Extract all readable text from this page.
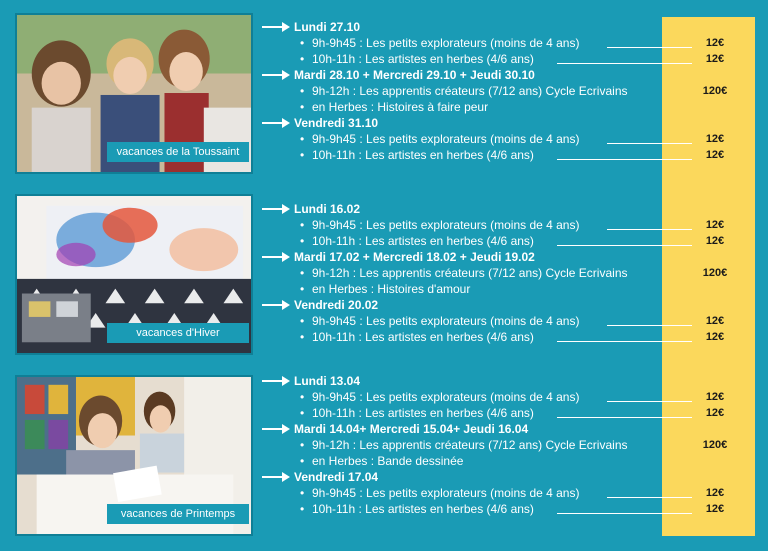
vacances de la Toussaint
vacances d'Hiver
vacances de Printemps
Lundi 27.10
• 9h-9h45 : Les petits explorateurs (moins de 4 ans)	12€
• 10h-11h : Les artistes en herbes (4/6 ans)	12€
Mardi 28.10 + Mercredi 29.10 + Jeudi 30.10
• 9h-12h : Les apprentis créateurs (7/12 ans) Cycle Ecrivains	120€
• en Herbes : Histoires à faire peur
Vendredi 31.10
• 9h-9h45 : Les petits explorateurs (moins de 4 ans)	12€
• 10h-11h : Les artistes en herbes (4/6 ans)	12€
Lundi 16.02
• 9h-9h45 : Les petits explorateurs (moins de 4 ans)	12€
• 10h-11h : Les artistes en herbes (4/6 ans)	12€
Mardi 17.02 + Mercredi 18.02 + Jeudi 19.02
• 9h-12h : Les apprentis créateurs (7/12 ans) Cycle Ecrivains	120€
• en Herbes : Histoires d'amour
Vendredi 20.02
• 9h-9h45 : Les petits explorateurs (moins de 4 ans)	12€
• 10h-11h : Les artistes en herbes (4/6 ans)	12€
Lundi 13.04
• 9h-9h45 : Les petits explorateurs (moins de 4 ans)	12€
• 10h-11h : Les artistes en herbes (4/6 ans)	12€
Mardi 14.04+ Mercredi 15.04+ Jeudi 16.04
• 9h-12h : Les apprentis créateurs (7/12 ans) Cycle Ecrivains	120€
• en Herbes : Bande dessinée
Vendredi 17.04
• 9h-9h45 : Les petits explorateurs (moins de 4 ans)	12€
• 10h-11h : Les artistes en herbes (4/6 ans)	12€
